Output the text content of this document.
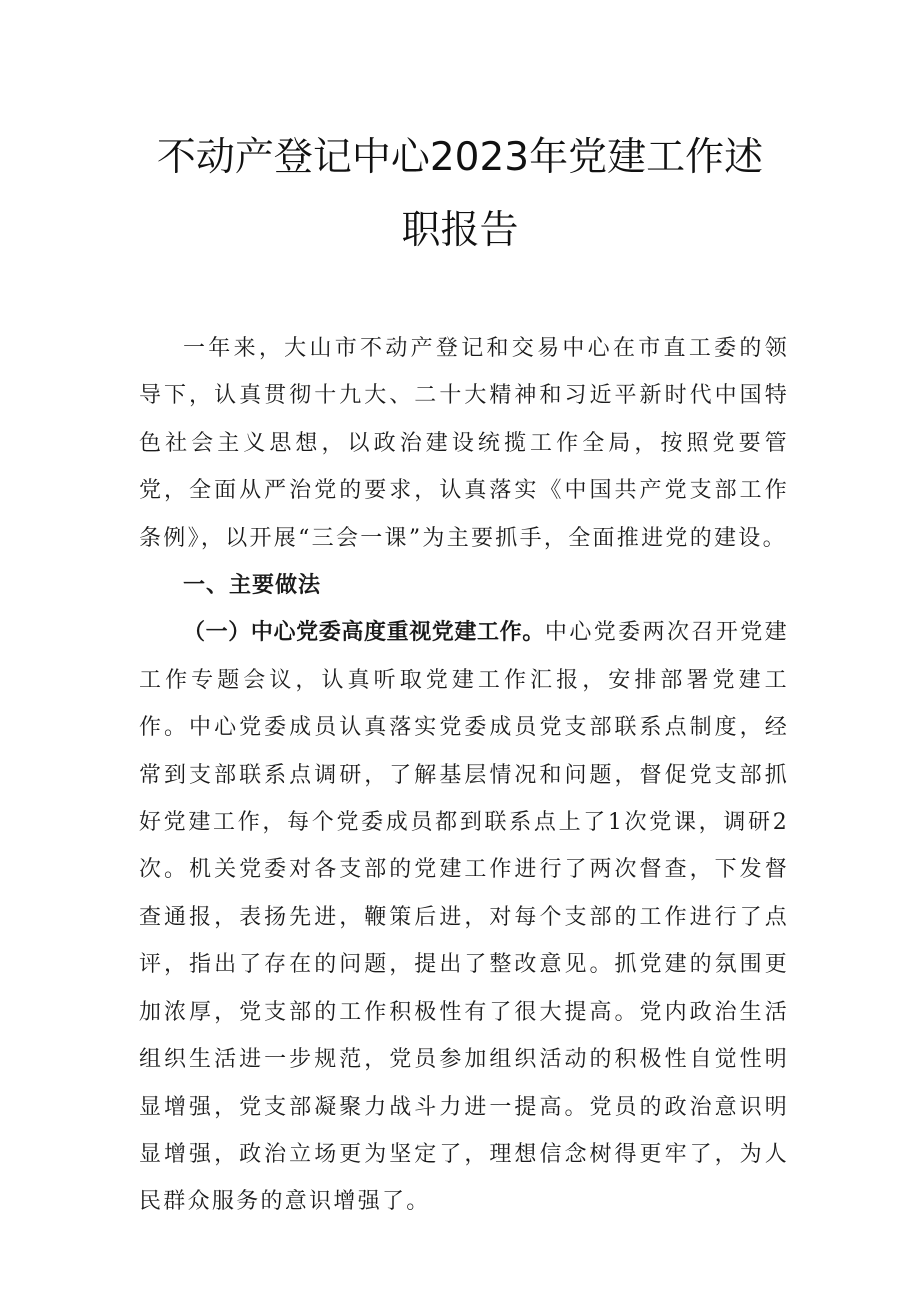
不动产登记中心2023年党建工作述
职报告

一年来，大山市不动产登记和交易中心在市直工委的领导下，认真贯彻十九大、二十大精神和习近平新时代中国特色社会主义思想，以政治建设统揽工作全局，按照党要管党，全面从严治党的要求，认真落实《中国共产党支部工作条例》，以开展“三会一课”为主要抓手，全面推进党的建设。

一、主要做法

（一）中心党委高度重视党建工作。中心党委两次召开党建工作专题会议，认真听取党建工作汇报，安排部署党建工作。中心党委成员认真落实党委成员党支部联系点制度，经常到支部联系点调研，了解基层情况和问题，督促党支部抓好党建工作，每个党委成员都到联系点上了1次党课，调研2次。机关党委对各支部的党建工作进行了两次督查，下发督查通报，表扬先进，鞭策后进，对每个支部的工作进行了点评，指出了存在的问题，提出了整改意见。抓党建的氛围更加浓厚，党支部的工作积极性有了很大提高。党内政治生活组织生活进一步规范，党员参加组织活动的积极性自觉性明显增强，党支部凝聚力战斗力进一提高。党员的政治意识明显增强，政治立场更为坚定了，理想信念树得更牢了，为人民群众服务的意识增强了。
